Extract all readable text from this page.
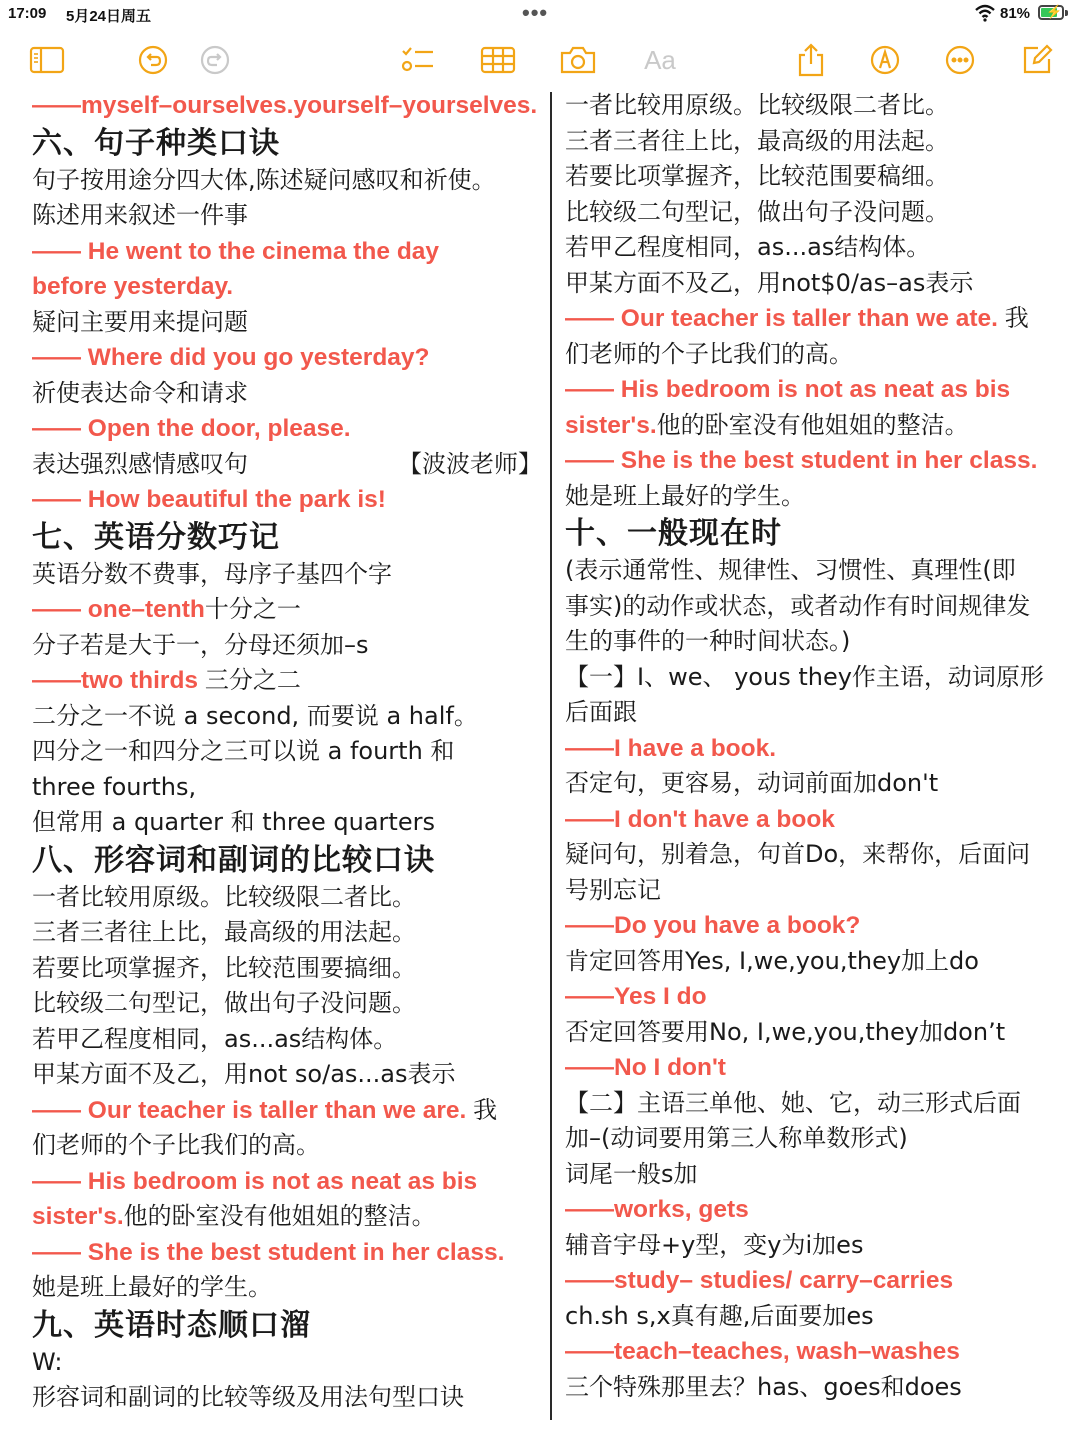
17:09 5月24日周五	•••	81% ⚡
Aa
——myself–ourselves.yourself–yourselves.
六、句子种类口诀
句子按用途分四大体,陈述疑问感叹和祈使。
陈述用来叙述一件事
—— He went to the cinema the day
before yesterday.
疑问主要用来提问题
—— Where did you go yesterday?
祈使表达命令和请求
—— Open the door, please.
表达强烈感情感叹句	【波波老师】
—— How beautiful the park is!
七、英语分数巧记
英语分数不费事，母序子基四个字
—— one–tenth十分之一
分子若是大于一，分母还须加–s
——two thirds 三分之二
二分之一不说 a second, 而要说 a half。
四分之一和四分之三可以说 a fourth 和
three fourths,
但常用 a quarter 和 three quarters
八、形容词和副词的比较口诀
一者比较用原级。比较级限二者比。
三者三者往上比，最高级的用法起。
若要比项掌握齐，比较范围要搞细。
比较级二句型记，做出句子没问题。
若甲乙程度相同，as...as结构体。
甲某方面不及乙，用not so/as...as表示
—— Our teacher is taller than we are. 我
们老师的个子比我们的高。
—— His bedroom is not as neat as bis
sister's.他的卧室没有他姐姐的整洁。
—— She is the best student in her class.
她是班上最好的学生。
九、英语时态顺口溜
W:
形容词和副词的比较等级及用法句型口诀
一者比较用原级。比较级限二者比。
三者三者往上比，最高级的用法起。
若要比项掌握齐，比较范围要稿细。
比较级二句型记，做出句子没问题。
若甲乙程度相同，as...as结构体。
甲某方面不及乙，用not$0/as–as表示
—— Our teacher is taller than we ate. 我
们老师的个子比我们的高。
—— His bedroom is not as neat as bis
sister's.他的卧室没有他姐姐的整洁。
—— She is the best student in her class.
她是班上最好的学生。
十、一般现在时
(表示通常性、规律性、习惯性、真理性(即
事实)的动作或状态，或者动作有时间规律发
生的事件的一种时间状态。)
【一】I、we、 yous they作主语，动词原形
后面跟
——I have a book.
否定句，更容易，动词前面加don't
——I don't have a book
疑问句，别着急，句首Do，来帮你，后面问
号别忘记
——Do you have a book?
肯定回答用Yes, I,we,you,they加上do
——Yes I do
否定回答要用No, I,we,you,they加don’t
——No I don't
【二】主语三单他、她、它，动三形式后面
加–(动词要用第三人称单数形式)
词尾一般s加
——works, gets
辅音宇母+y型，变y为i加es
——study– studies/ carry–carries
ch.sh s,x真有趣,后面要加es
——teach–teaches, wash–washes
三个特殊那里去？has、goes和does
